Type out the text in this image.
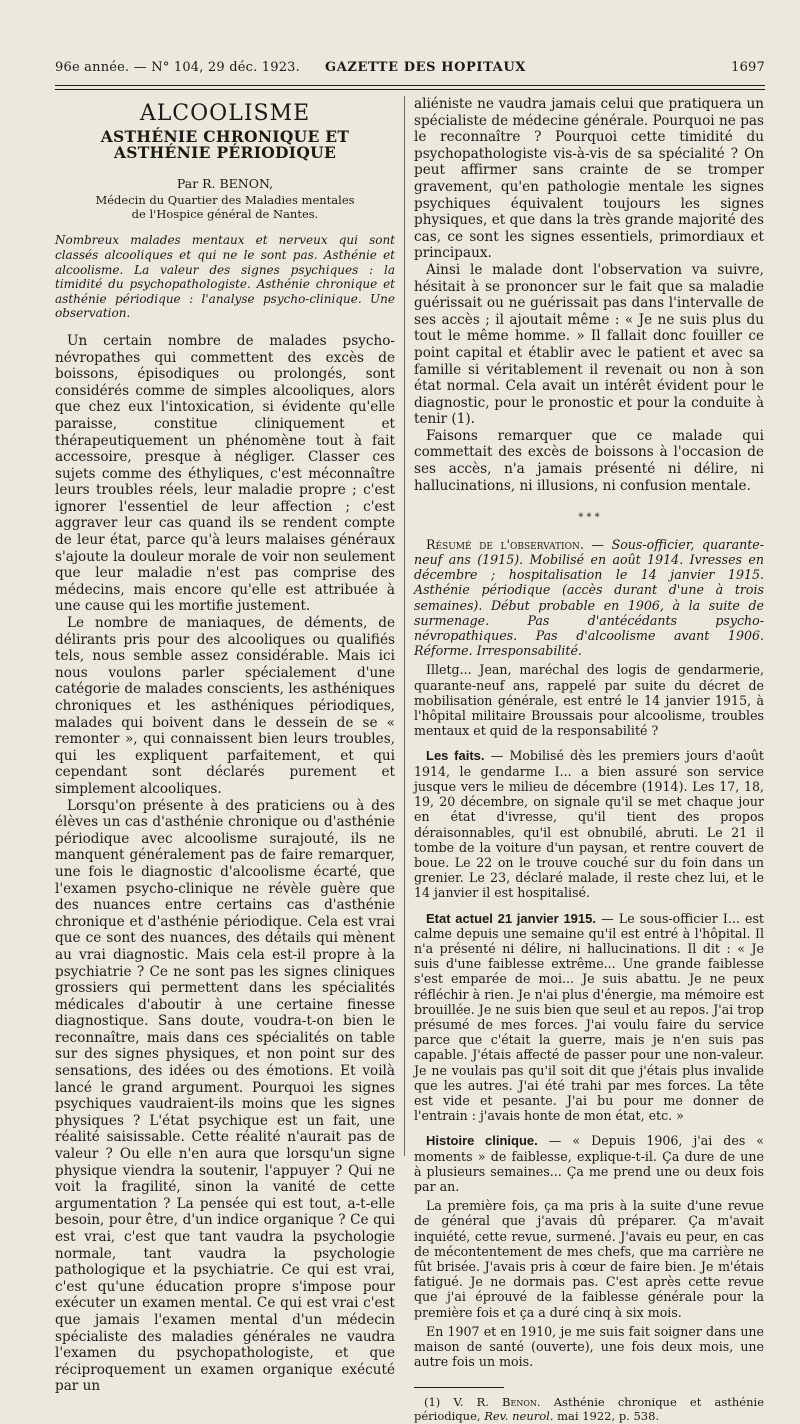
96e année. — N° 104, 29 déc. 1923. GAZETTE DES HOPITAUX	1697
ALCOOLISME
ASTHÉNIE CHRONIQUE ET ASTHÉNIE PÉRIODIQUE

Par R. BENON,

Médecin du Quartier des Maladies mentales
de l'Hospice général de Nantes.

Nombreux malades mentaux et nerveux qui sont classés alcooliques et qui ne le sont pas. Asthénie et alcoolisme. La valeur des signes psychiques : la timidité du psychopathologiste. Asthénie chronique et asthénie périodique : l'analyse psycho-clinique. Une observation.

Un certain nombre de malades psycho-névropathes qui commettent des excès de boissons, épisodiques ou prolongés, sont considérés comme de simples alcooliques, alors que chez eux l'intoxication, si évidente qu'elle paraisse, constitue cliniquement et thérapeutiquement un phénomène tout à fait accessoire, presque à négliger. Classer ces sujets comme des éthyliques, c'est méconnaître leurs troubles réels, leur maladie propre ; c'est ignorer l'essentiel de leur affection ; c'est aggraver leur cas quand ils se rendent compte de leur état, parce qu'à leurs malaises généraux s'ajoute la douleur morale de voir non seulement que leur maladie n'est pas comprise des médecins, mais encore qu'elle est attribuée à une cause qui les mortifie justement.

Le nombre de maniaques, de déments, de délirants pris pour des alcooliques ou qualifiés tels, nous semble assez considérable. Mais ici nous voulons parler spécialement d'une catégorie de malades conscients, les asthéniques chroniques et les asthéniques périodiques, malades qui boivent dans le dessein de se « remonter », qui connaissent bien leurs troubles, qui les expliquent parfaitement, et qui cependant sont déclarés purement et simplement alcooliques.

Lorsqu'on présente à des praticiens ou à des élèves un cas d'asthénie chronique ou d'asthénie périodique avec alcoolisme surajouté, ils ne manquent généralement pas de faire remarquer, une fois le diagnostic d'alcoolisme écarté, que l'examen psycho-clinique ne révèle guère que des nuances entre certains cas d'asthénie chronique et d'asthénie périodique. Cela est vrai que ce sont des nuances, des détails qui mènent au vrai diagnostic. Mais cela est-il propre à la psychiatrie ? Ce ne sont pas les signes cliniques grossiers qui permettent dans les spécialités médicales d'aboutir à une certaine finesse diagnostique. Sans doute, voudra-t-on bien le reconnaître, mais dans ces spécialités on table sur des signes physiques, et non point sur des sensations, des idées ou des émotions. Et voilà lancé le grand argument. Pourquoi les signes psychiques vaudraient-ils moins que les signes physiques ? L'état psychique est un fait, une réalité saisissable. Cette réalité n'aurait pas de valeur ? Ou elle n'en aura que lorsqu'un signe physique viendra la soutenir, l'appuyer ? Qui ne voit la fragilité, sinon la vanité de cette argumentation ? La pensée qui est tout, a-t-elle besoin, pour être, d'un indice organique ? Ce qui est vrai, c'est que tant vaudra la psychologie normale, tant vaudra la psychologie pathologique et la psychiatrie. Ce qui est vrai, c'est qu'une éducation propre s'impose pour exécuter un examen mental. Ce qui est vrai c'est que jamais l'examen mental d'un médecin spécialiste des maladies générales ne vaudra l'examen du psychopathologiste, et que réciproquement un examen organique exécuté par un

aliéniste ne vaudra jamais celui que pratiquera un spécialiste de médecine générale. Pourquoi ne pas le reconnaître ? Pourquoi cette timidité du psychopathologiste vis-à-vis de sa spécialité ? On peut affirmer sans crainte de se tromper gravement, qu'en pathologie mentale les signes psychiques équivalent toujours les signes physiques, et que dans la très grande majorité des cas, ce sont les signes essentiels, primordiaux et principaux.

Ainsi le malade dont l'observation va suivre, hésitait à se prononcer sur le fait que sa maladie guérissait ou ne guérissait pas dans l'intervalle de ses accès ; il ajoutait même : « Je ne suis plus du tout le même homme. » Il fallait donc fouiller ce point capital et établir avec le patient et avec sa famille si véritablement il revenait ou non à son état normal. Cela avait un intérêt évident pour le diagnostic, pour le pronostic et pour la conduite à tenir (1).

Faisons remarquer que ce malade qui commettait des excès de boissons à l'occasion de ses accès, n'a jamais présenté ni délire, ni hallucinations, ni illusions, ni confusion mentale.

* * *

Résumé de l'observation. — Sous-officier, quarante-neuf ans (1915). Mobilisé en août 1914. Ivresses en décembre ; hospitalisation le 14 janvier 1915. Asthénie périodique (accès durant d'une à trois semaines). Début probable en 1906, à la suite de surmenage. Pas d'antécédants psycho-névropathiques. Pas d'alcoolisme avant 1906. Réforme. Irresponsabilité.

Illetg... Jean, maréchal des logis de gendarmerie, quarante-neuf ans, rappelé par suite du décret de mobilisation générale, est entré le 14 janvier 1915, à l'hôpital militaire Broussais pour alcoolisme, troubles mentaux et quid de la responsabilité ?

Les faits. — Mobilisé dès les premiers jours d'août 1914, le gendarme I... a bien assuré son service jusque vers le milieu de décembre (1914). Les 17, 18, 19, 20 décembre, on signale qu'il se met chaque jour en état d'ivresse, qu'il tient des propos déraisonnables, qu'il est obnubilé, abruti. Le 21 il tombe de la voiture d'un paysan, et rentre couvert de boue. Le 22 on le trouve couché sur du foin dans un grenier. Le 23, déclaré malade, il reste chez lui, et le 14 janvier il est hospitalisé.

Etat actuel 21 janvier 1915. — Le sous-officier I... est calme depuis une semaine qu'il est entré à l'hôpital. Il n'a présenté ni délire, ni hallucinations. Il dit : « Je suis d'une faiblesse extrême... Une grande faiblesse s'est emparée de moi... Je suis abattu. Je ne peux réfléchir à rien. Je n'ai plus d'énergie, ma mémoire est brouillée. Je ne suis bien que seul et au repos. J'ai trop présumé de mes forces. J'ai voulu faire du service parce que c'était la guerre, mais je n'en suis pas capable. J'étais affecté de passer pour une non-valeur. Je ne voulais pas qu'il soit dit que j'étais plus invalide que les autres. J'ai été trahi par mes forces. La tête est vide et pesante. J'ai bu pour me donner de l'entrain : j'avais honte de mon état, etc. »

Histoire clinique. — « Depuis 1906, j'ai des « moments » de faiblesse, explique-t-il. Ça dure de une à plusieurs semaines... Ça me prend une ou deux fois par an.

La première fois, ça ma pris à la suite d'une revue de général que j'avais dû préparer. Ça m'avait inquiété, cette revue, surmené. J'avais eu peur, en cas de mécontentement de mes chefs, que ma carrière ne fût brisée. J'avais pris à cœur de faire bien. Je m'étais fatigué. Je ne dormais pas. C'est après cette revue que j'ai éprouvé de la faiblesse générale pour la première fois et ça a duré cinq à six mois.

En 1907 et en 1910, je me suis fait soigner dans une maison de santé (ouverte), une fois deux mois, une autre fois un mois.

(1) V. R. Benon. Asthénie chronique et asthénie périodique, Rev. neurol. mai 1922, p. 538.
